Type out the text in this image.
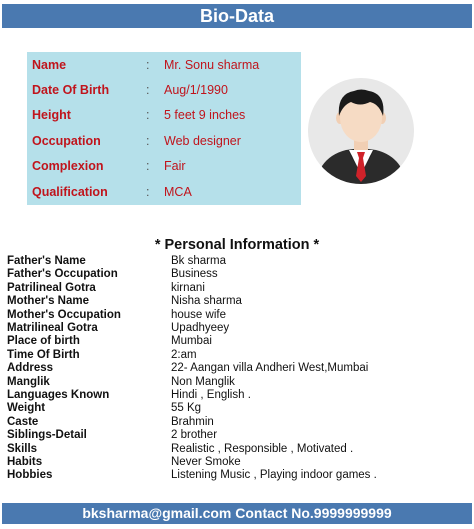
Bio-Data
Name	: Mr. Sonu sharma
Date Of Birth	: Aug/1/1990
Height	: 5 feet 9 inches
Occupation	: Web designer
Complexion	: Fair
Qualification	: MCA
* Personal Information *
Father's Name	Bk sharma
Father's Occupation	Business
Patrilineal Gotra	kirnani
Mother's Name	Nisha sharma
Mother's Occupation	house wife
Matrilineal Gotra	Upadhyeey
Place of birth	Mumbai
Time Of Birth	2:am
Address	22- Aangan villa Andheri West,Mumbai
Manglik	Non Manglik
Languages Known	Hindi , English .
Weight	55 Kg
Caste	Brahmin
Siblings-Detail	2 brother
Skills	Realistic , Responsible , Motivated .
Habits	Never Smoke
Hobbies	Listening Music , Playing indoor games .
bksharma@gmail.com Contact No.9999999999
